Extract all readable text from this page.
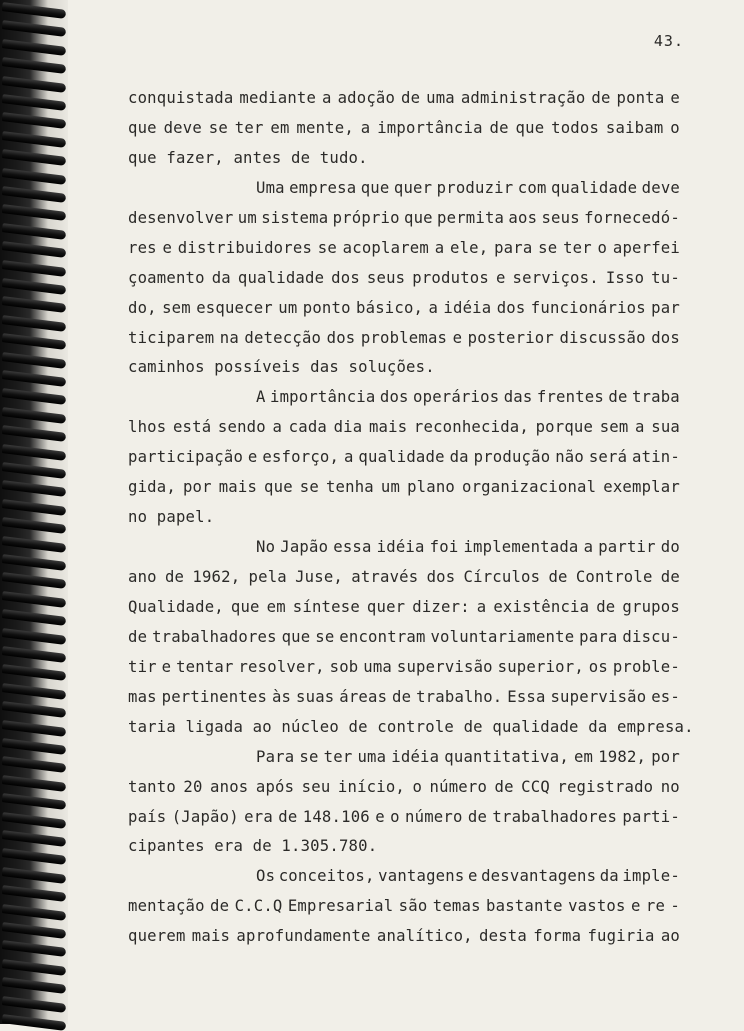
43.
conquistada mediante a adoção de uma administração de ponta e
que deve se ter em mente, a importância de que todos saibam o
que fazer, antes de tudo.
Uma empresa que quer produzir com qualidade deve
desenvolver um sistema próprio que permita aos seus fornecedó-
res e distribuidores se acoplarem a ele, para se ter o aperfei
çoamento da qualidade dos seus produtos e serviços. Isso tu-
do, sem esquecer um ponto básico, a idéia dos funcionários par
ticiparem na detecção dos problemas e posterior discussão dos
caminhos possíveis das soluções.
A importância dos operários das frentes de traba
lhos está sendo a cada dia mais reconhecida, porque sem a sua
participação e esforço, a qualidade da produção não será atin-
gida, por mais que se tenha um plano organizacional exemplar
no papel.
No Japão essa idéia foi implementada a partir do
ano de 1962, pela Juse, através dos Círculos de Controle de
Qualidade, que em síntese quer dizer: a existência de grupos
de trabalhadores que se encontram voluntariamente para discu-
tir e tentar resolver, sob uma supervisão superior, os proble-
mas pertinentes às suas áreas de trabalho. Essa supervisão es-
taria ligada ao núcleo de controle de qualidade da empresa.
Para se ter uma idéia quantitativa, em 1982, por
tanto 20 anos após seu início, o número de CCQ registrado no
país (Japão) era de 148.106 e o número de trabalhadores parti-
cipantes era de 1.305.780.
Os conceitos, vantagens e desvantagens da imple-
mentação de C.C.Q Empresarial são temas bastante vastos e re -
querem mais aprofundamente analítico, desta forma fugiria ao
